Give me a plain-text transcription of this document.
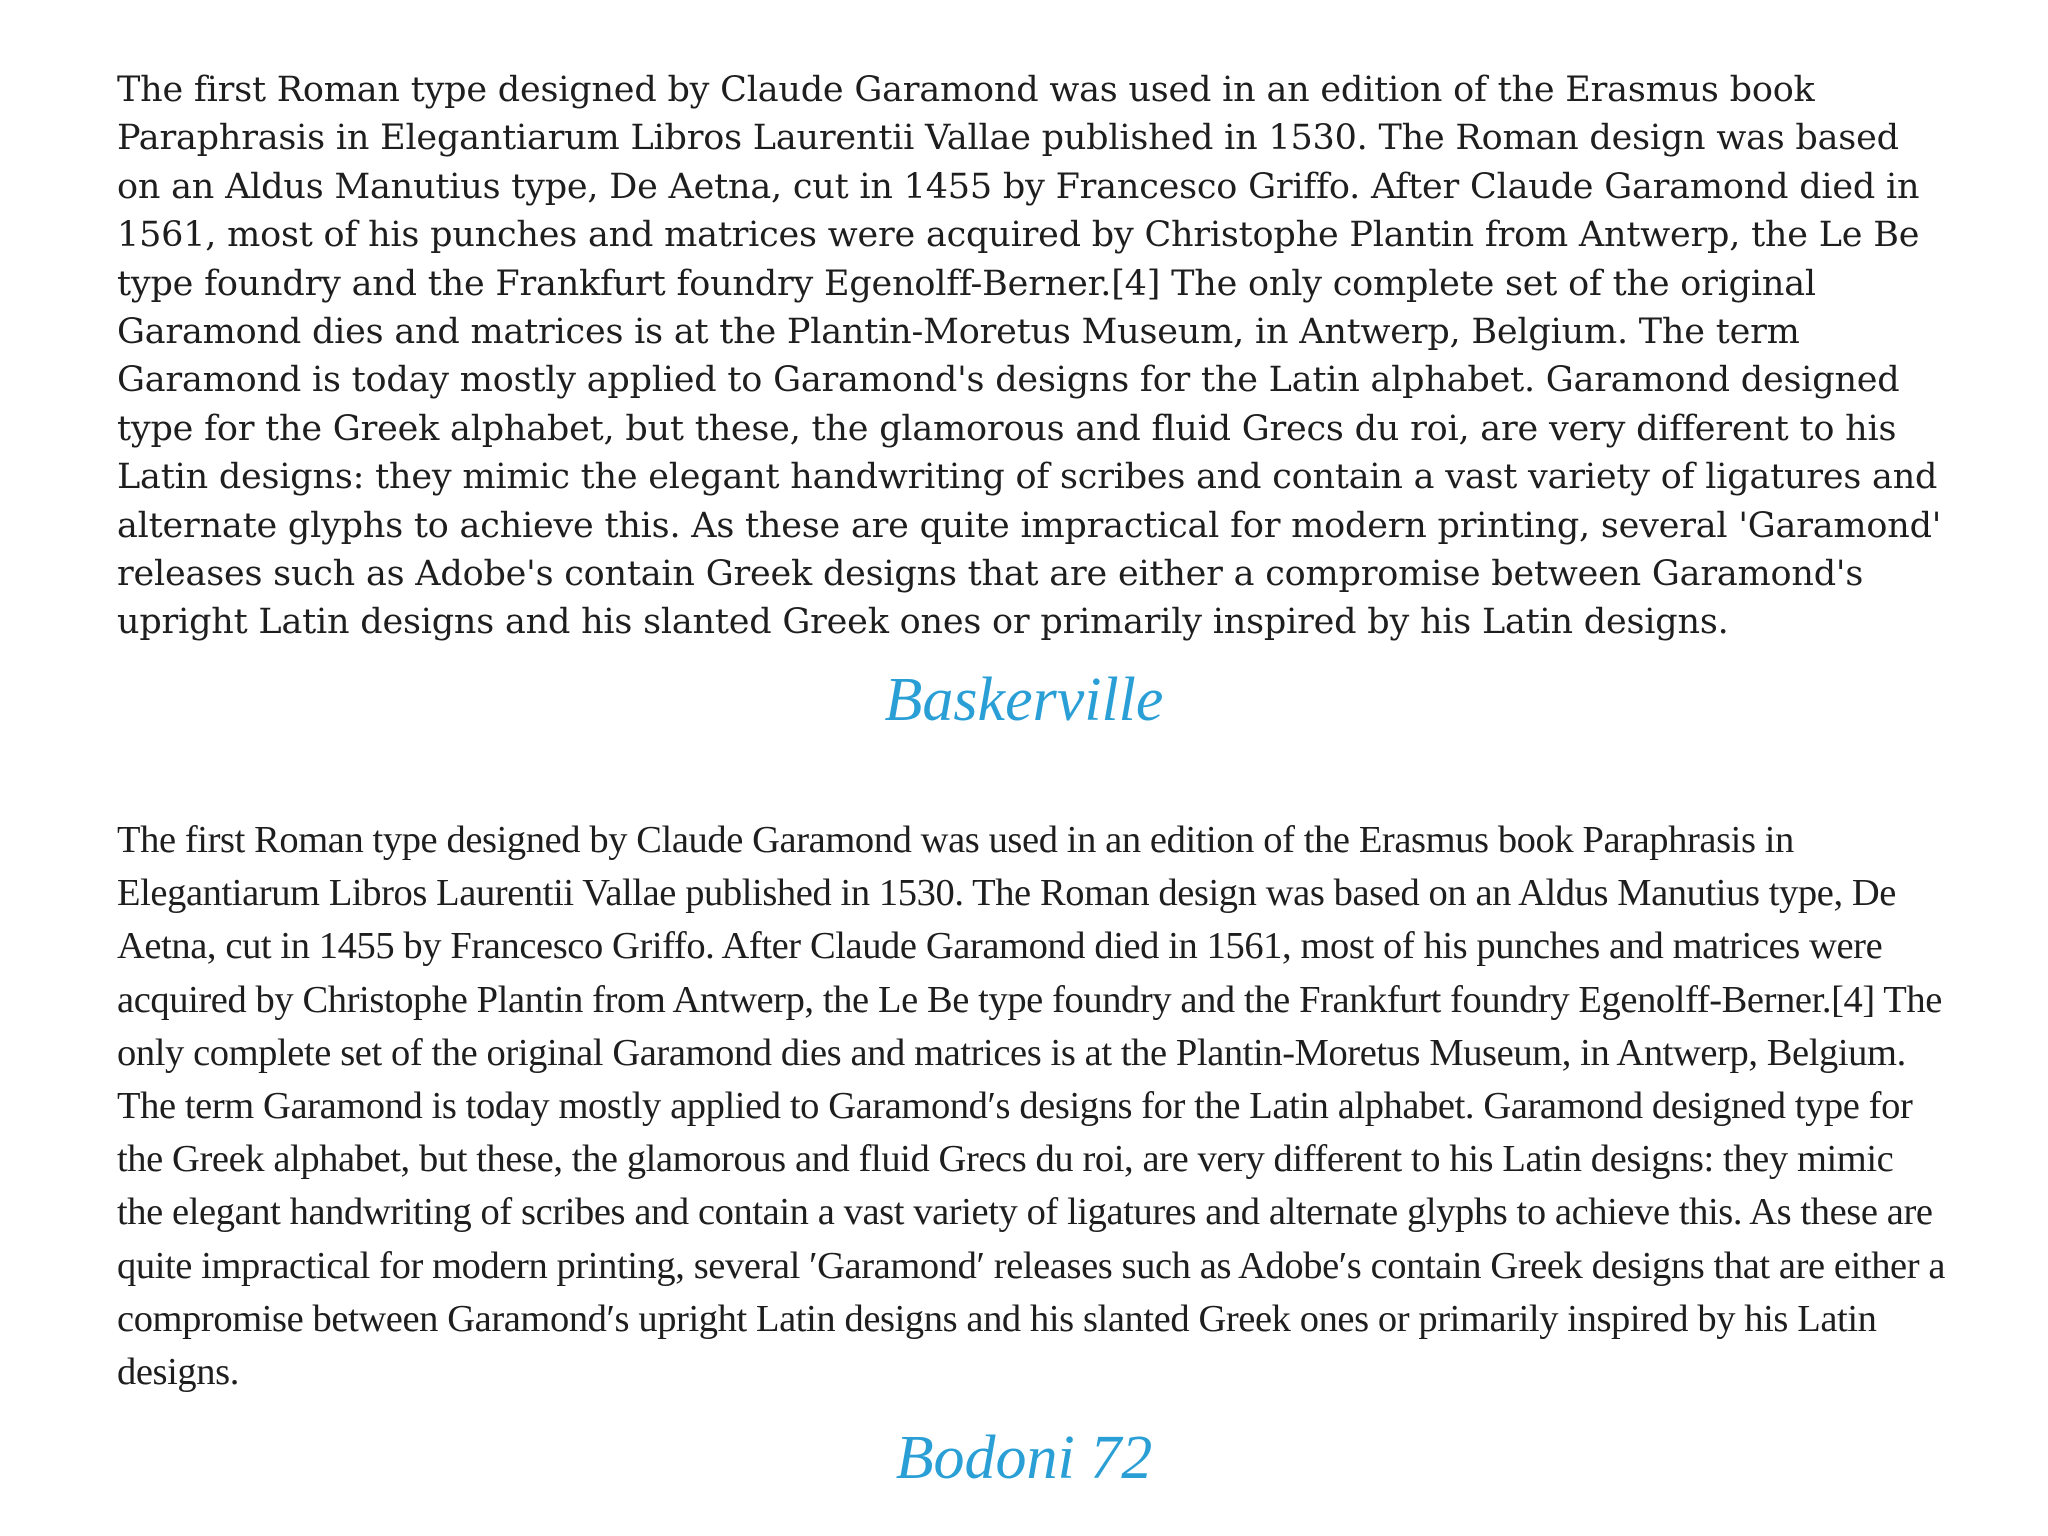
The first Roman type designed by Claude Garamond was used in an edition of the Erasmus book Paraphrasis in Elegantiarum Libros Laurentii Vallae published in 1530. The Roman design was based on an Aldus Manutius type, De Aetna, cut in 1455 by Francesco Griffo. After Claude Garamond died in 1561, most of his punches and matrices were acquired by Christophe Plantin from Antwerp, the Le Be type foundry and the Frankfurt foundry Egenolff-Berner.[4] The only complete set of the original Garamond dies and matrices is at the Plantin-Moretus Museum, in Antwerp, Belgium. The term Garamond is today mostly applied to Garamond's designs for the Latin alphabet. Garamond designed type for the Greek alphabet, but these, the glamorous and fluid Grecs du roi, are very different to his Latin designs: they mimic the elegant handwriting of scribes and contain a vast variety of ligatures and alternate glyphs to achieve this. As these are quite impractical for modern printing, several 'Garamond' releases such as Adobe's contain Greek designs that are either a compromise between Garamond's upright Latin designs and his slanted Greek ones or primarily inspired by his Latin designs.

Baskerville

The first Roman type designed by Claude Garamond was used in an edition of the Erasmus book Paraphrasis in Elegantiarum Libros Laurentii Vallae published in 1530. The Roman design was based on an Aldus Manutius type, De Aetna, cut in 1455 by Francesco Griffo. After Claude Garamond died in 1561, most of his punches and matrices were acquired by Christophe Plantin from Antwerp, the Le Be type foundry and the Frankfurt foundry Egenolff-Berner.[4] The only complete set of the original Garamond dies and matrices is at the Plantin-Moretus Museum, in Antwerp, Belgium. The term Garamond is today mostly applied to Garamond′s designs for the Latin alphabet. Garamond designed type for the Greek alphabet, but these, the glamorous and fluid Grecs du roi, are very different to his Latin designs: they mimic the elegant handwriting of scribes and contain a vast variety of ligatures and alternate glyphs to achieve this. As these are quite impractical for modern printing, several ′Garamond′ releases such as Adobe′s contain Greek designs that are either a compromise between Garamond′s upright Latin designs and his slanted Greek ones or primarily inspired by his Latin designs.

Bodoni 72
